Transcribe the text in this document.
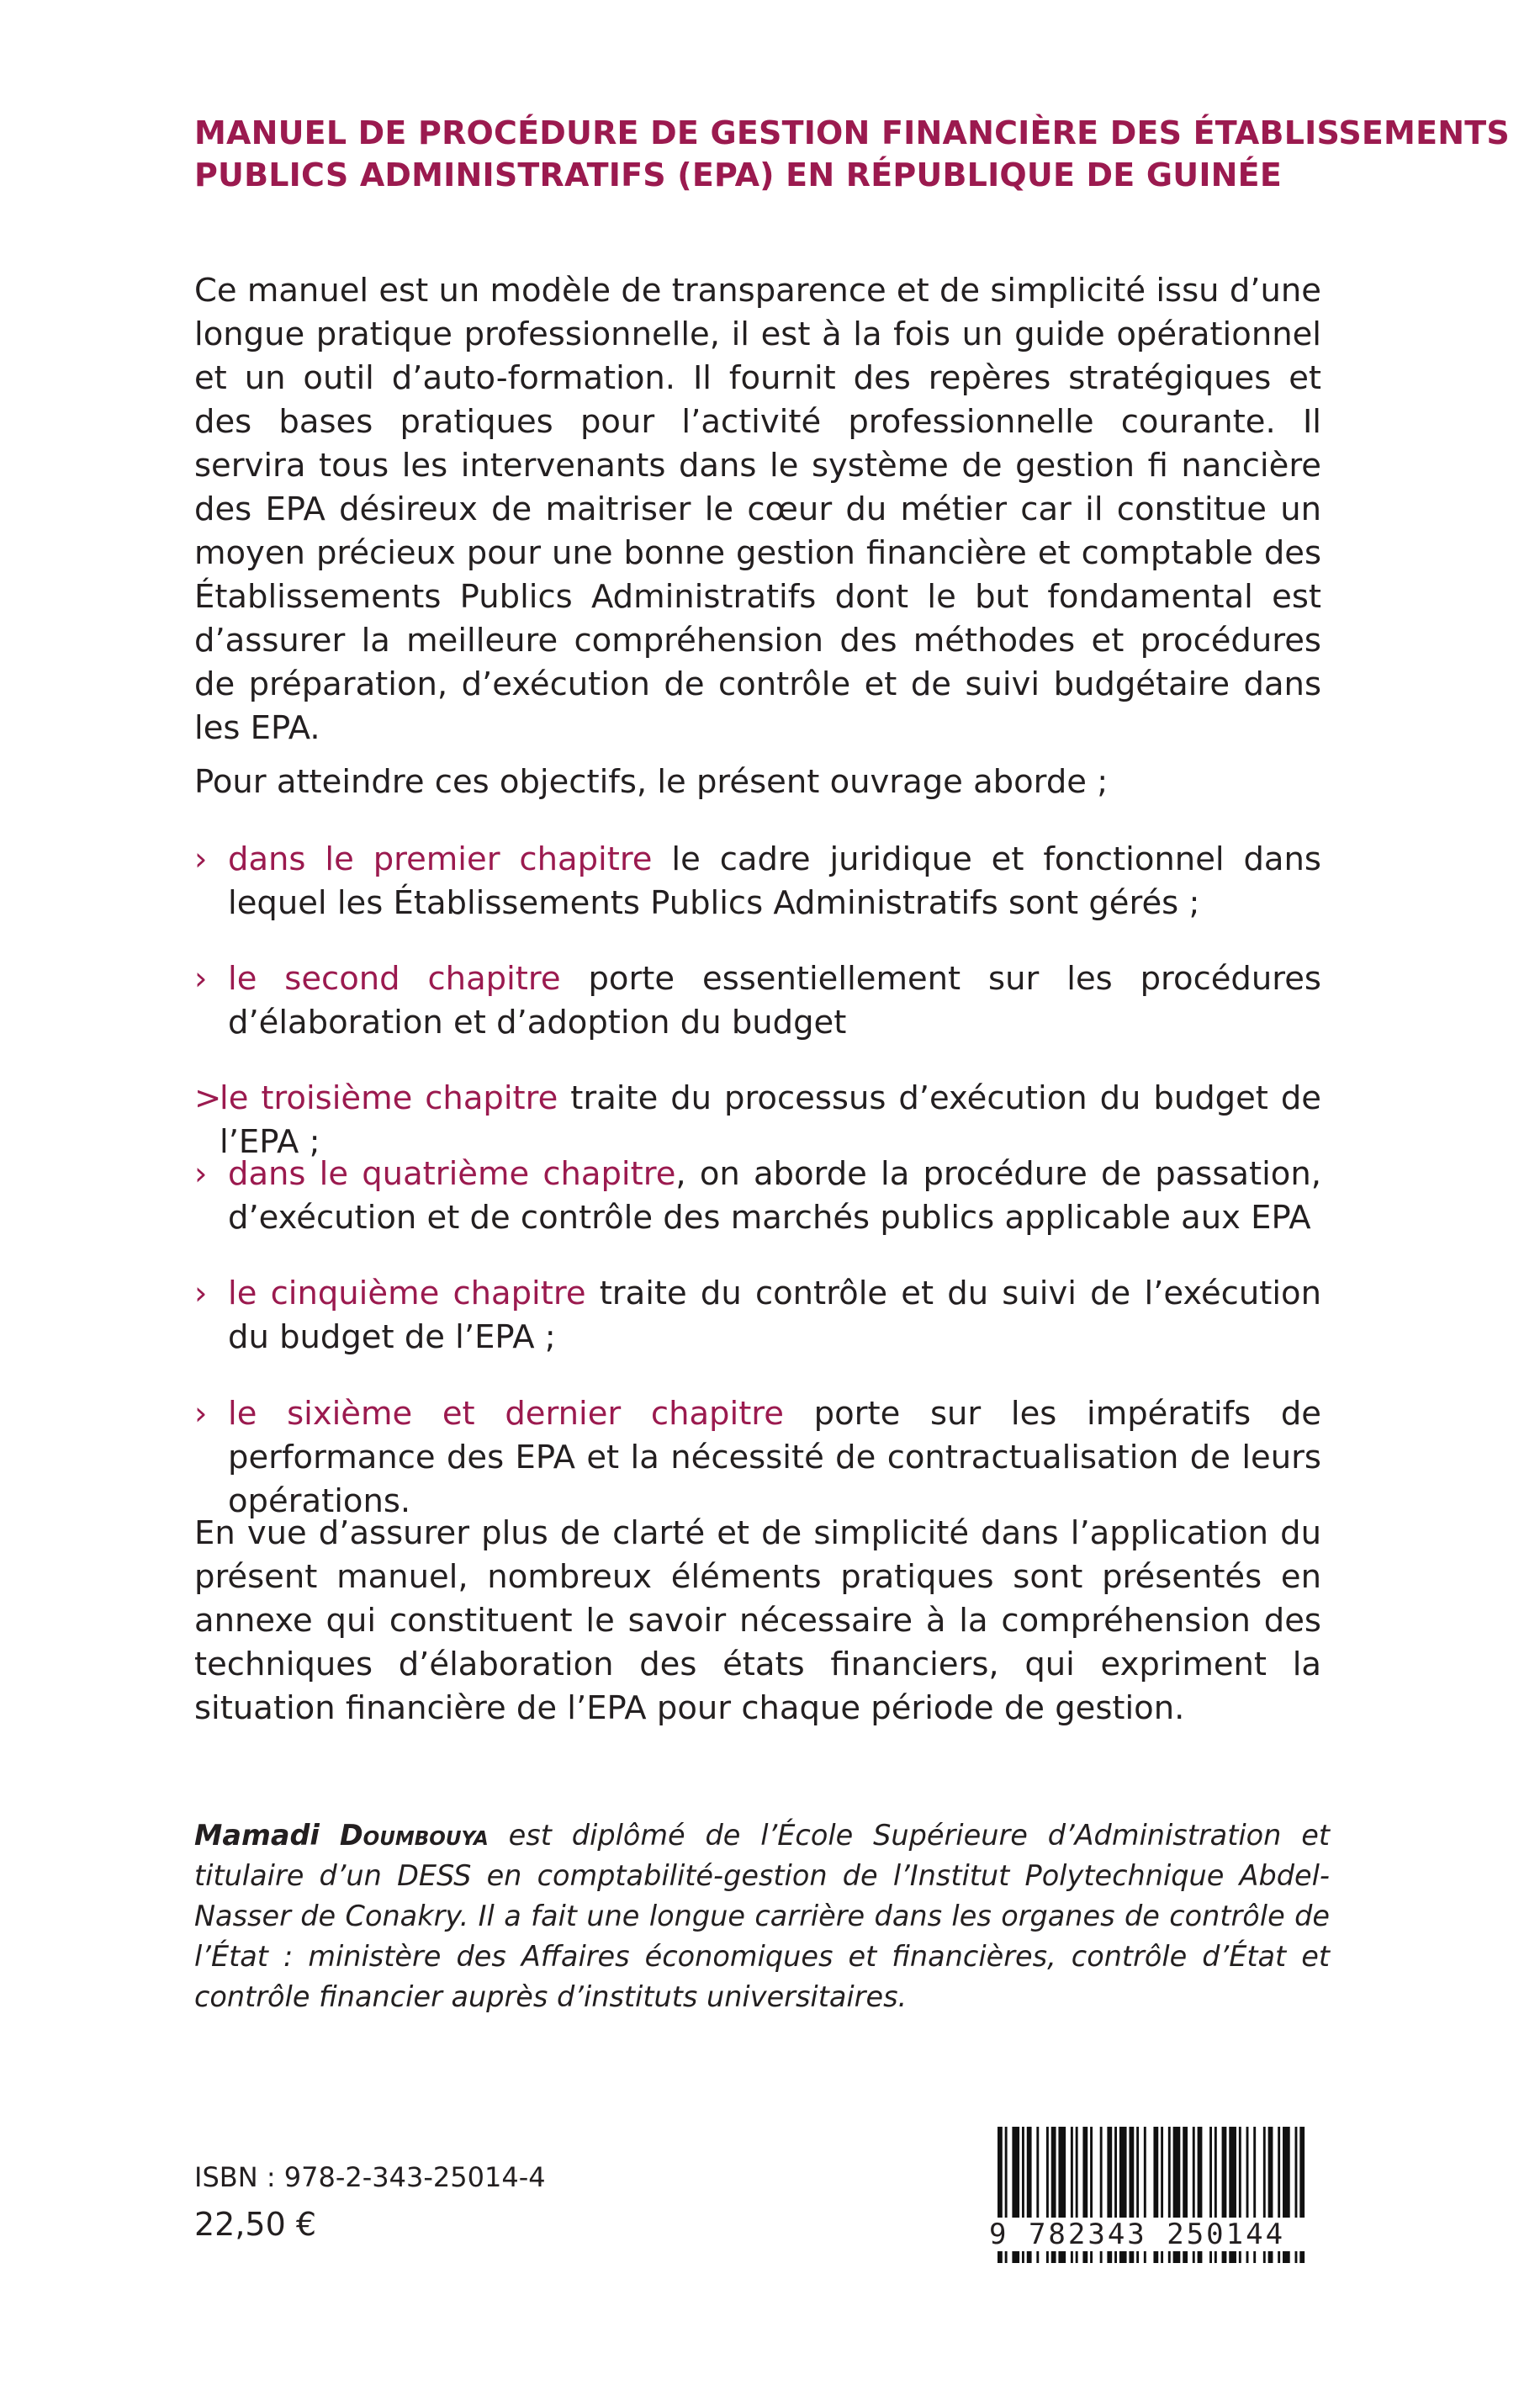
MANUEL DE PROCÉDURE DE GESTION FINANCIÈRE DES ÉTABLISSEMENTS
PUBLICS ADMINISTRATIFS (EPA) EN RÉPUBLIQUE DE GUINÉE

Ce manuel est un modèle de transparence et de simplicité issu d’une longue pratique professionnelle, il est à la fois un guide opérationnel et un outil d’auto-formation. Il fournit des repères stratégiques et des bases pratiques pour l’activité professionnelle courante. Il servira tous les intervenants dans le système de gestion fi nancière des EPA désireux de maitriser le cœur du métier car il constitue un moyen précieux pour une bonne gestion financière et comptable des Établissements Publics Administratifs dont le but fondamental est d’assurer la meilleure compréhension des méthodes et procédures de préparation, d’exécution de contrôle et de suivi budgétaire dans les EPA.

Pour atteindre ces objectifs, le présent ouvrage aborde ;

› dans le premier chapitre le cadre juridique et fonctionnel dans lequel les Établissements Publics Administratifs sont gérés ;
› le second chapitre porte essentiellement sur les procédures d’élaboration et d’adoption du budget
>
le troisième chapitre traite du processus d’exécution du budget de l’EPA ;
› dans le quatrième chapitre, on aborde la procédure de passation, d’exécution et de contrôle des marchés publics applicable aux EPA
› le cinquième chapitre traite du contrôle et du suivi de l’exécution du budget de l’EPA ;
› le sixième et dernier chapitre porte sur les impératifs de performance des EPA et la nécessité de contractualisation de leurs opérations.

En vue d’assurer plus de clarté et de simplicité dans l’application du présent manuel, nombreux éléments pratiques sont présentés en annexe qui constituent le savoir nécessaire à la compréhension des techniques d’élaboration des états financiers, qui expriment la situation financière de l’EPA pour chaque période de gestion.

Mamadi Doumbouya est diplômé de l’École Supérieure d’Administration et titulaire d’un DESS en comptabilité-gestion de l’Institut Polytechnique Abdel-Nasser de Conakry. Il a fait une longue carrière dans les organes de contrôle de l’État : ministère des Affaires économiques et financières, contrôle d’État et contrôle financier auprès d’instituts universitaires.

ISBN : 978-2-343-25014-4
22,50 €	9 782343 250144
